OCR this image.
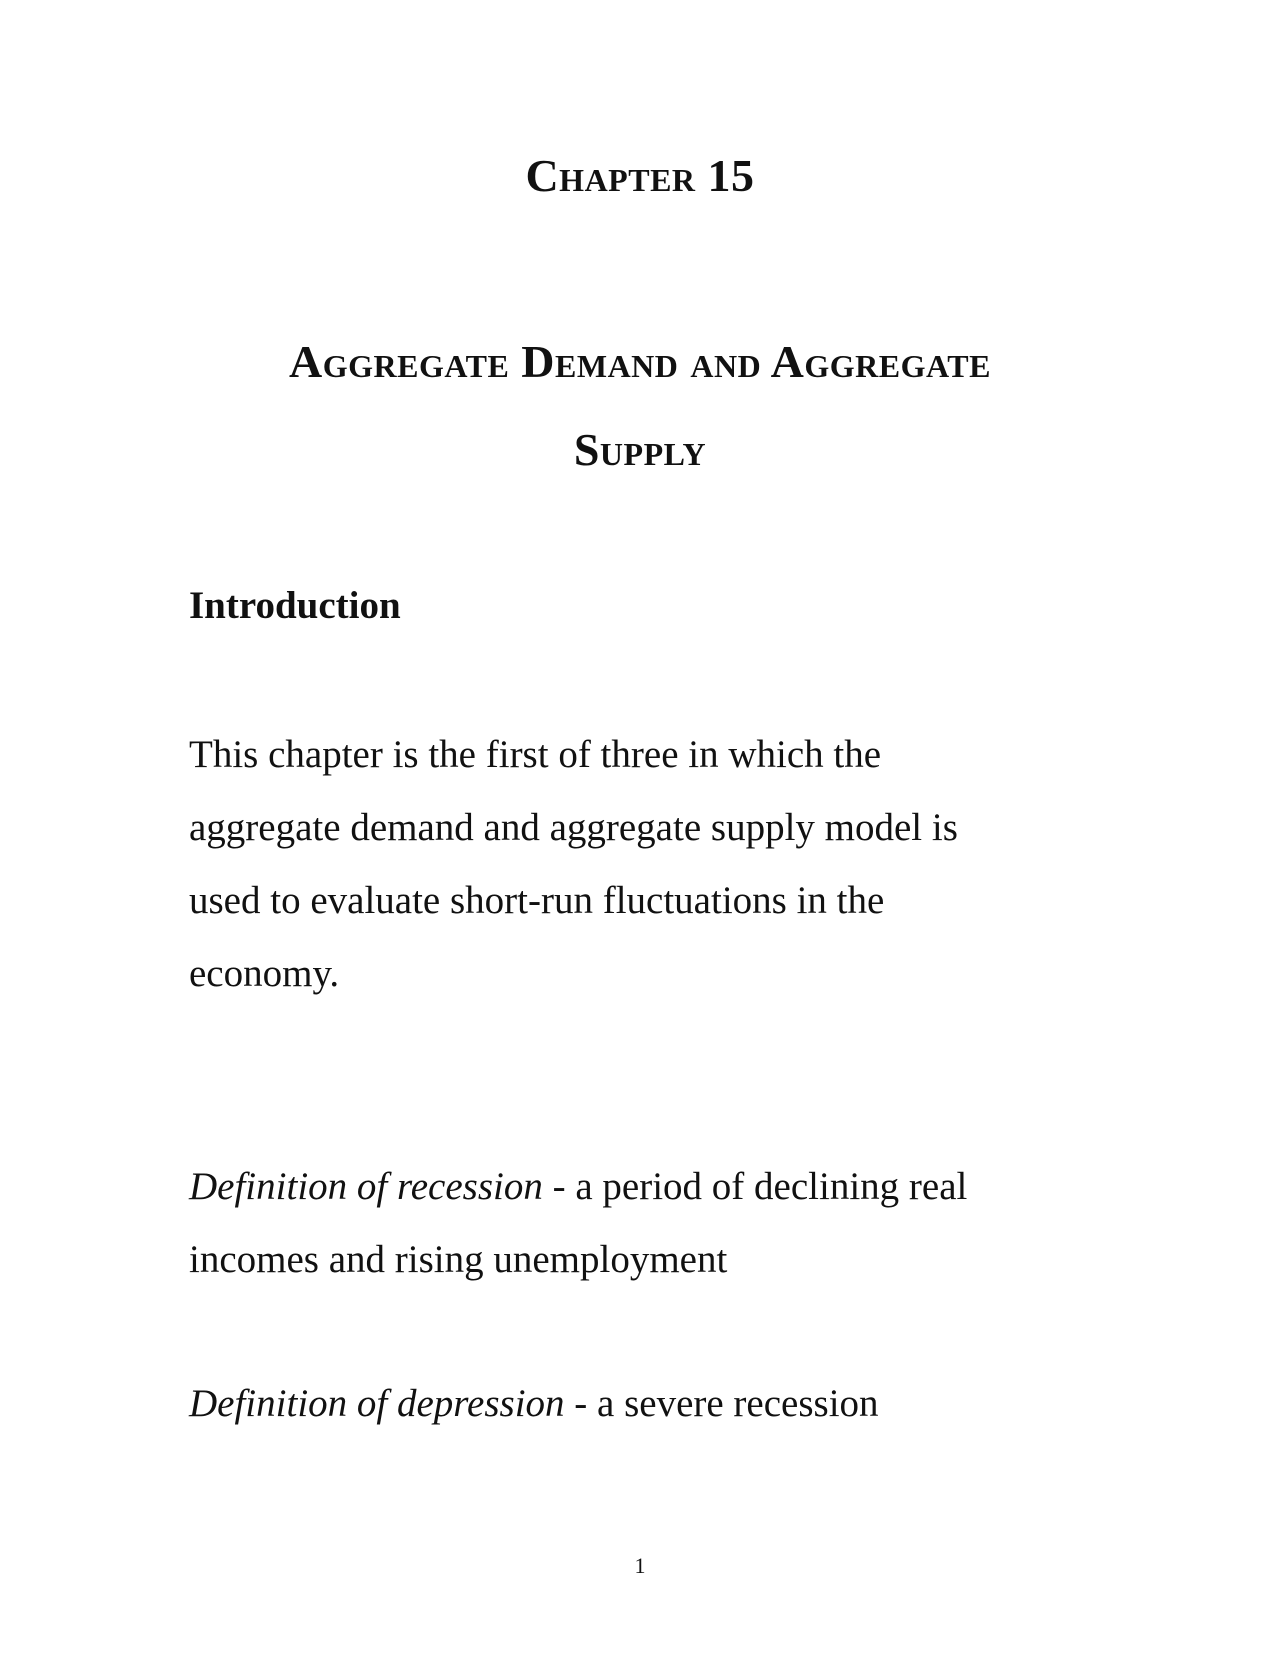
Chapter 15
Aggregate Demand and Aggregate
Supply
Introduction

This chapter is the first of three in which the
aggregate demand and aggregate supply model is
used to evaluate short-run fluctuations in the
economy.

Definition of recession - a period of declining real
incomes and rising unemployment

Definition of depression - a severe recession

1
